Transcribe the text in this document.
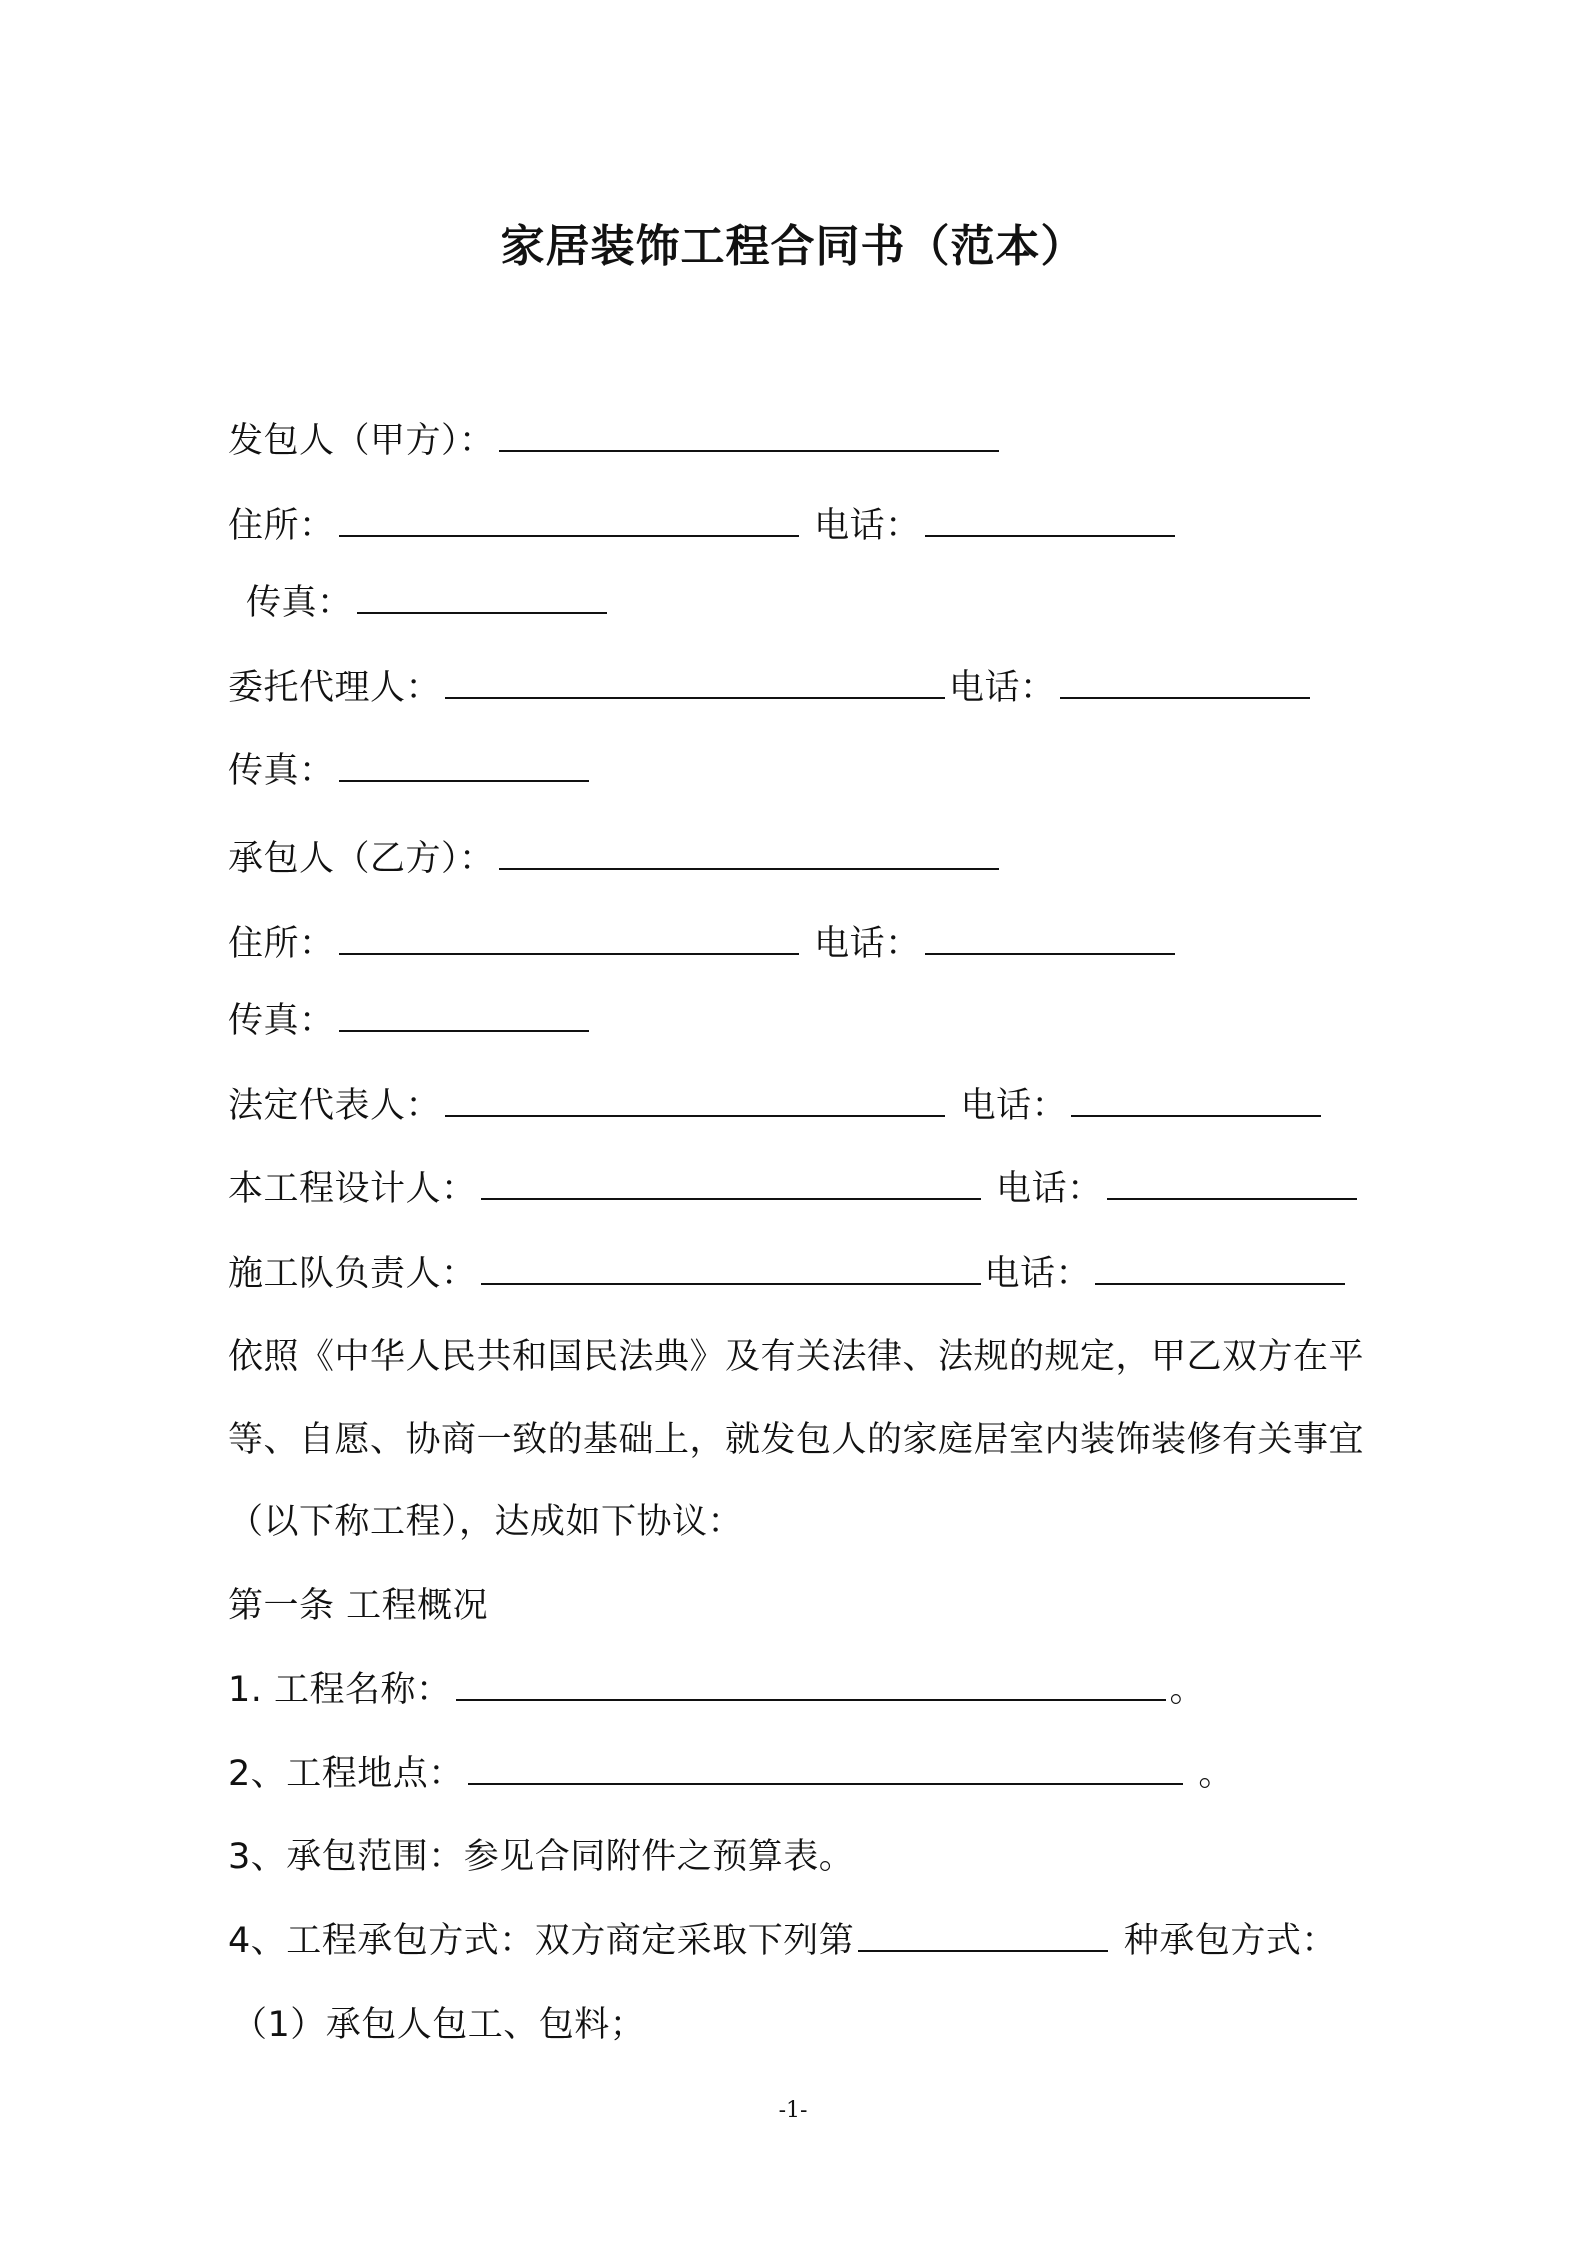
家居装饰工程合同书（范本）
发包人（甲方）：
住所：	电话：
传真：
委托代理人：	电话：
传真：
承包人（乙方）：
住所：	电话：
传真：
法定代表人：	电话：
本工程设计人：	电话：
施工队负责人：	电话：
依照《中华人民共和国民法典》及有关法律、法规的规定，甲乙双方在平
等、自愿、协商一致的基础上，就发包人的家庭居室内装饰装修有关事宜
（以下称工程），达成如下协议：
第一条 工程概况
1. 工程名称：	。
2、工程地点：	。
3、承包范围：参见合同附件之预算表。
4、工程承包方式：双方商定采取下列第	种承包方式：
（1）承包人包工、包料；
-1-
